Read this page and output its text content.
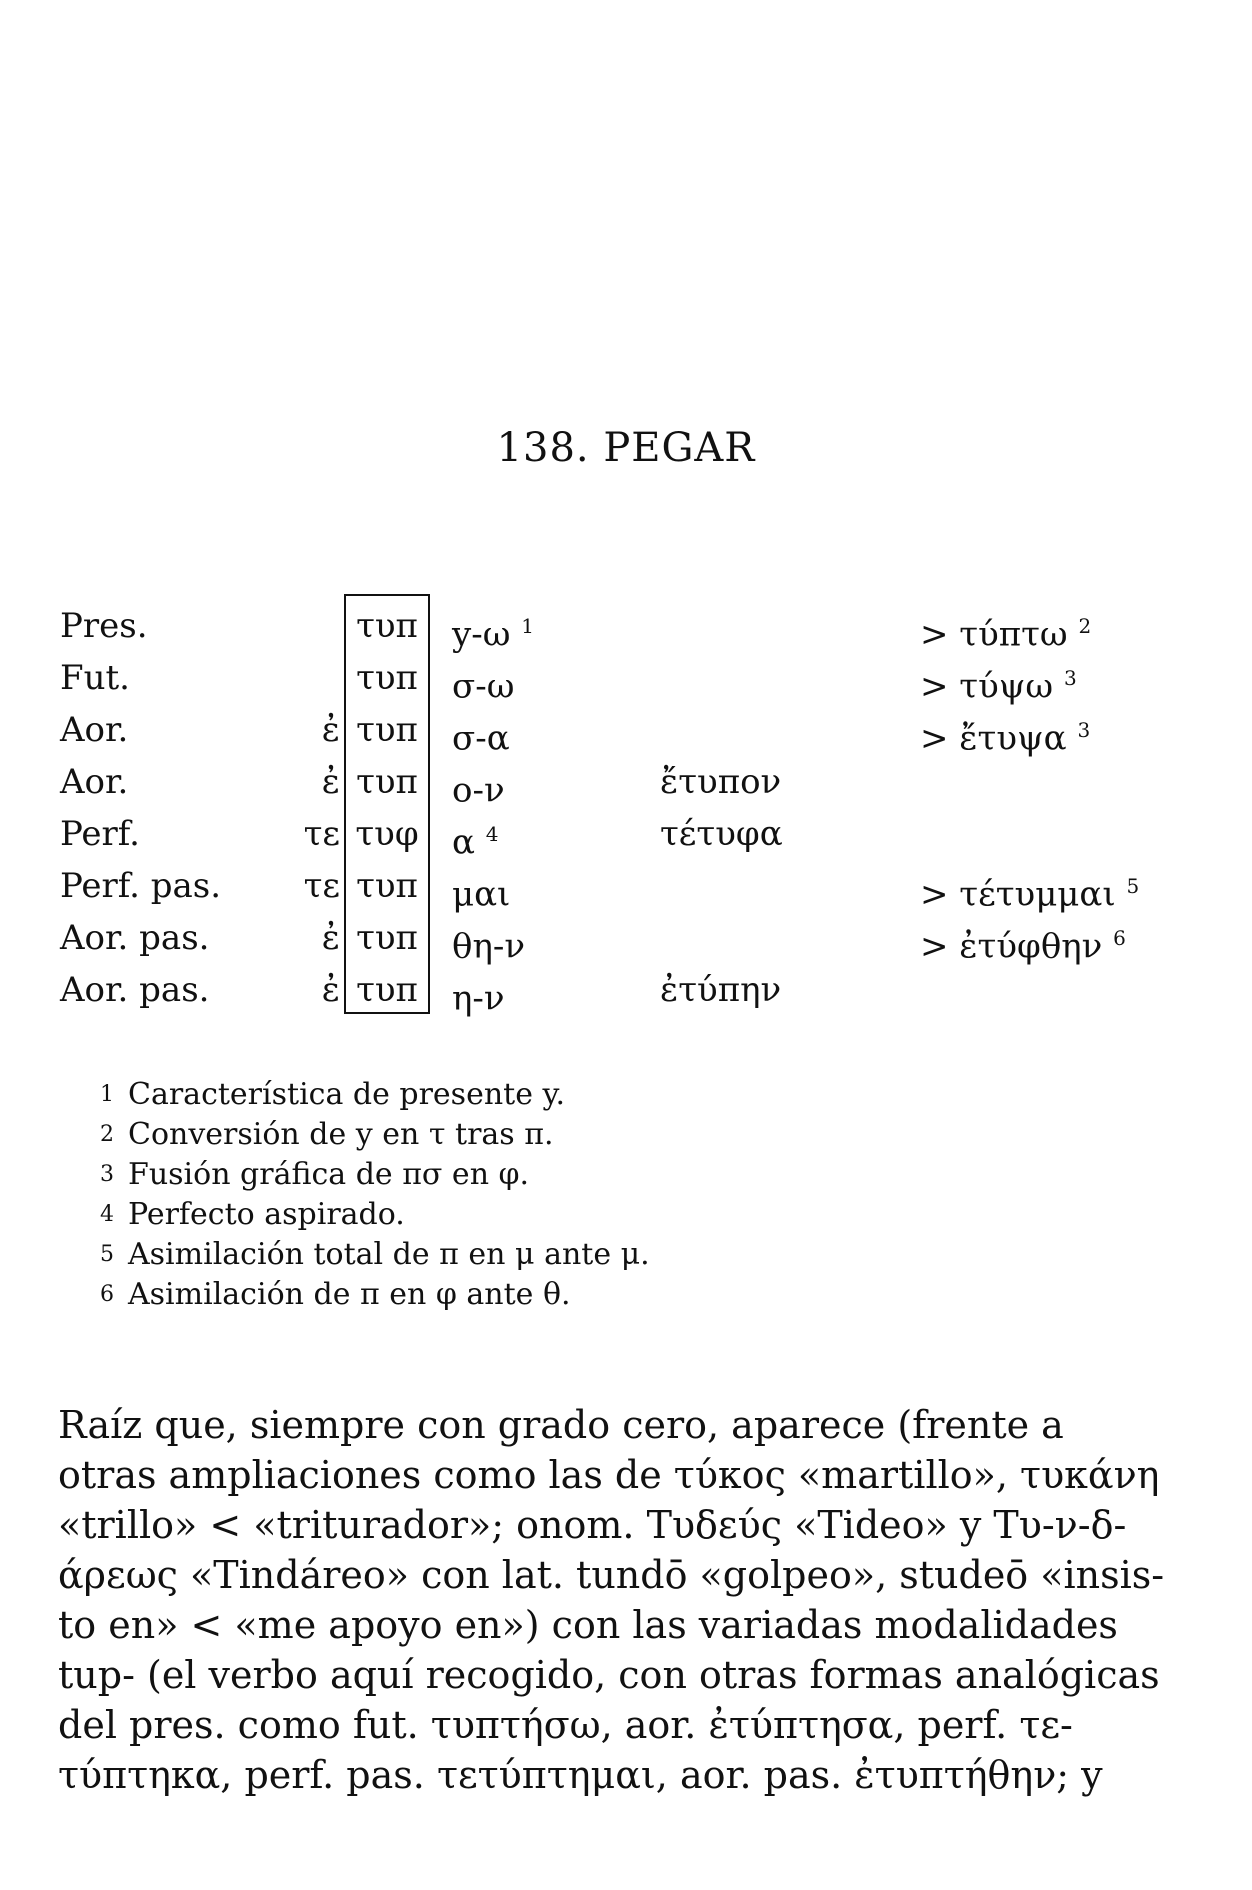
138. PEGAR
Pres.
Fut.
Aor.
Aor.
Perf.
Perf. pas.
Aor. pas.
Aor. pas.
ἐ
ἐ
τε
τε
ἐ
ἐ
τυπ
τυπ
τυπ
τυπ
τυφ
τυπ
τυπ
τυπ
y-ω $^1$
σ-ω
σ-α
ο-ν
α $^4$
μαι
θη-ν
η-ν
ἔτυπον
τέτυφα
ἐτύπην
> τύπτω $^2$
> τύψω $^3$
> ἔτυψα $^3$
> τέτυμμαι $^5$
> ἐτύφθην $^6$
1 Característica de presente y.
2 Conversión de y en τ tras π.
3 Fusión gráfica de πσ en φ.
4 Perfecto aspirado.
5 Asimilación total de π en μ ante μ.
6 Asimilación de π en φ ante θ.
Raíz que, siempre con grado cero, aparece (frente a
otras ampliaciones como las de τύκος «martillo», τυκάνη
«trillo» < «triturador»; onom. Τυδεύς «Tideo» y Τυ-ν-δ-
άρεως «Tindáreo» con lat. tundō «golpeo», studeō «insis-
to en» < «me apoyo en») con las variadas modalidades
tup- (el verbo aquí recogido, con otras formas analógicas
del pres. como fut. τυπτήσω, aor. ἐτύπτησα, perf. τε-
τύπτηκα, perf. pas. τετύπτημαι, aor. pas. ἐτυπτήθην; y
